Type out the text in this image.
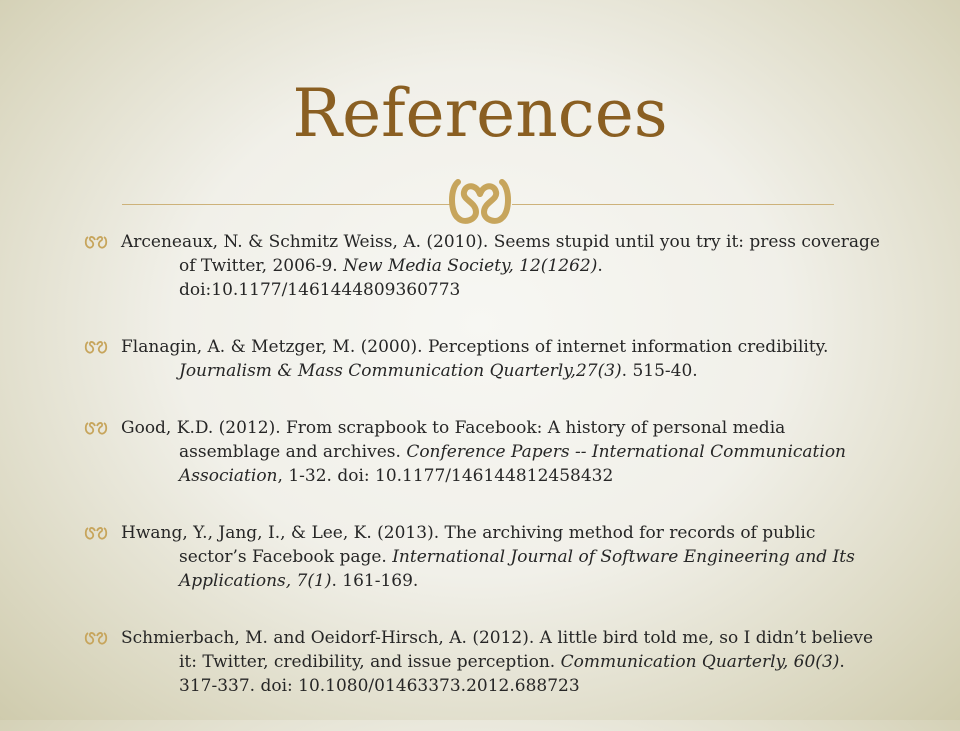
References
Arceneaux, N. & Schmitz Weiss, A. (2010). Seems stupid until you try it: press coverage of Twitter, 2006-9. New Media Society, 12(1262). doi:10.1177/1461444809360773
Flanagin, A. & Metzger, M. (2000). Perceptions of internet information credibility. Journalism & Mass Communication Quarterly,27(3). 515-40.
Good, K.D. (2012). From scrapbook to Facebook: A history of personal media assemblage and archives. Conference Papers -- International Communication Association, 1-32. doi: 10.1177/146144812458432
Hwang, Y., Jang, I., & Lee, K. (2013). The archiving method for records of public sector’s Facebook page. International Journal of Software Engineering and Its Applications, 7(1). 161-169.
Schmierbach, M. and Oeidorf-Hirsch, A. (2012). A little bird told me, so I didn’t believe it: Twitter, credibility, and issue perception. Communication Quarterly, 60(3). 317-337. doi: 10.1080/01463373.2012.688723
